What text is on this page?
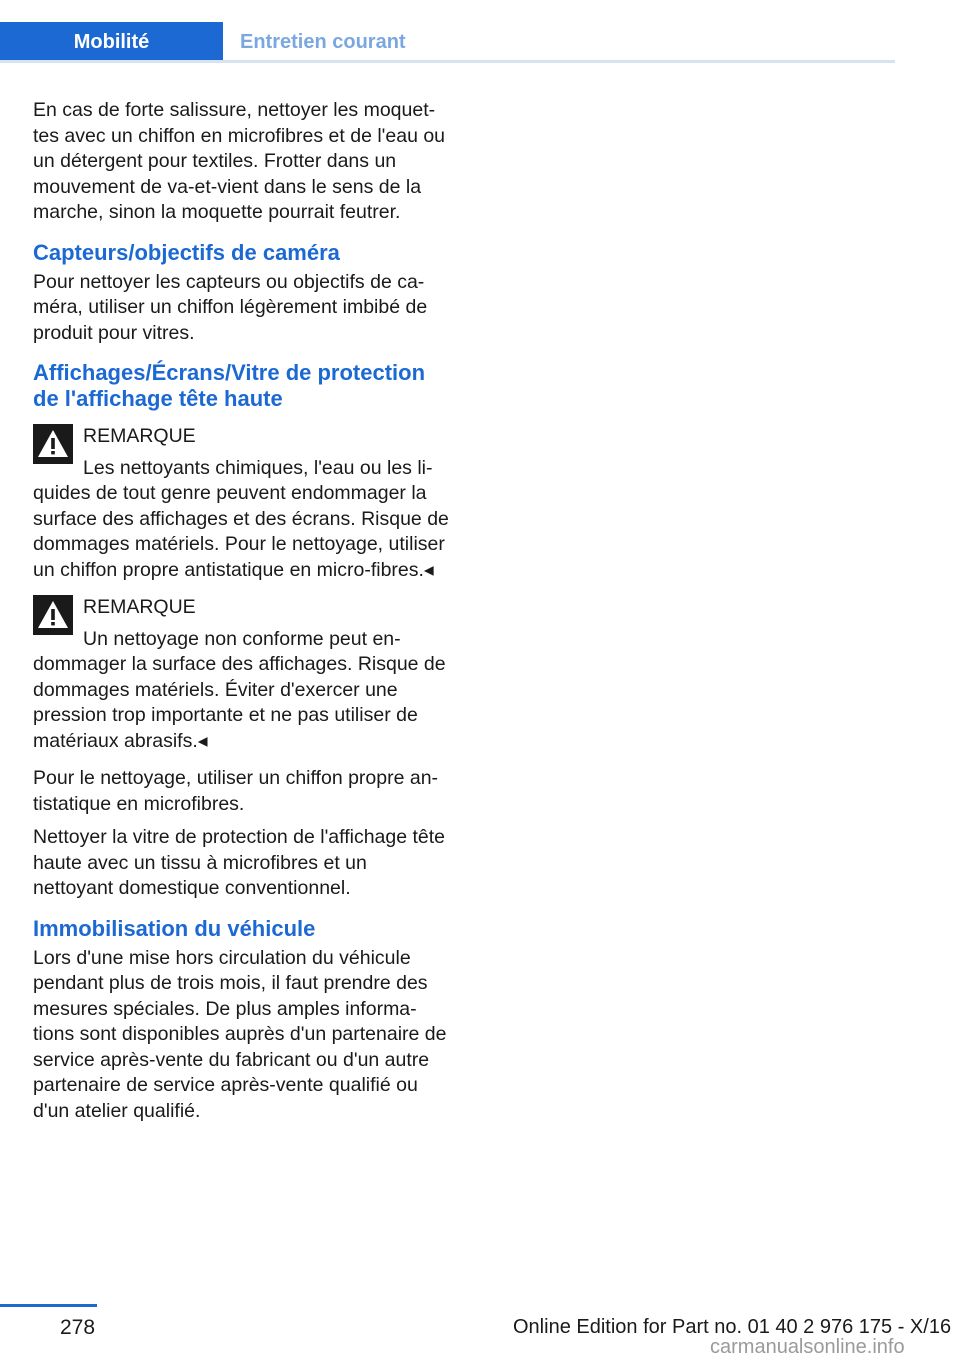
Mobilité	Entretien courant

En cas de forte salissure, nettoyer les moquet-tes avec un chiffon en microfibres et de l'eau ou un détergent pour textiles. Frotter dans un mouvement de va-et-vient dans le sens de la marche, sinon la moquette pourrait feutrer.

Capteurs/objectifs de caméra

Pour nettoyer les capteurs ou objectifs de ca-méra, utiliser un chiffon légèrement imbibé de produit pour vitres.

Affichages/Écrans/Vitre de protection de l'affichage tête haute
REMARQUE
Les nettoyants chimiques, l'eau ou les li-

quides de tout genre peuvent endommager la surface des affichages et des écrans. Risque de dommages matériels. Pour le nettoyage, utiliser un chiffon propre antistatique en micro-fibres.◂

REMARQUE
Un nettoyage non conforme peut en-

dommager la surface des affichages. Risque de dommages matériels. Éviter d'exercer une pression trop importante et ne pas utiliser de matériaux abrasifs.◂

Pour le nettoyage, utiliser un chiffon propre an-tistatique en microfibres.

Nettoyer la vitre de protection de l'affichage tête haute avec un tissu à microfibres et un nettoyant domestique conventionnel.

Immobilisation du véhicule

Lors d'une mise hors circulation du véhicule pendant plus de trois mois, il faut prendre des mesures spéciales. De plus amples informa-tions sont disponibles auprès d'un partenaire de service après-vente du fabricant ou d'un autre partenaire de service après-vente qualifié ou d'un atelier qualifié.

278	Online Edition for Part no. 01 40 2 976 175 - X/16
carmanualsonline.info
